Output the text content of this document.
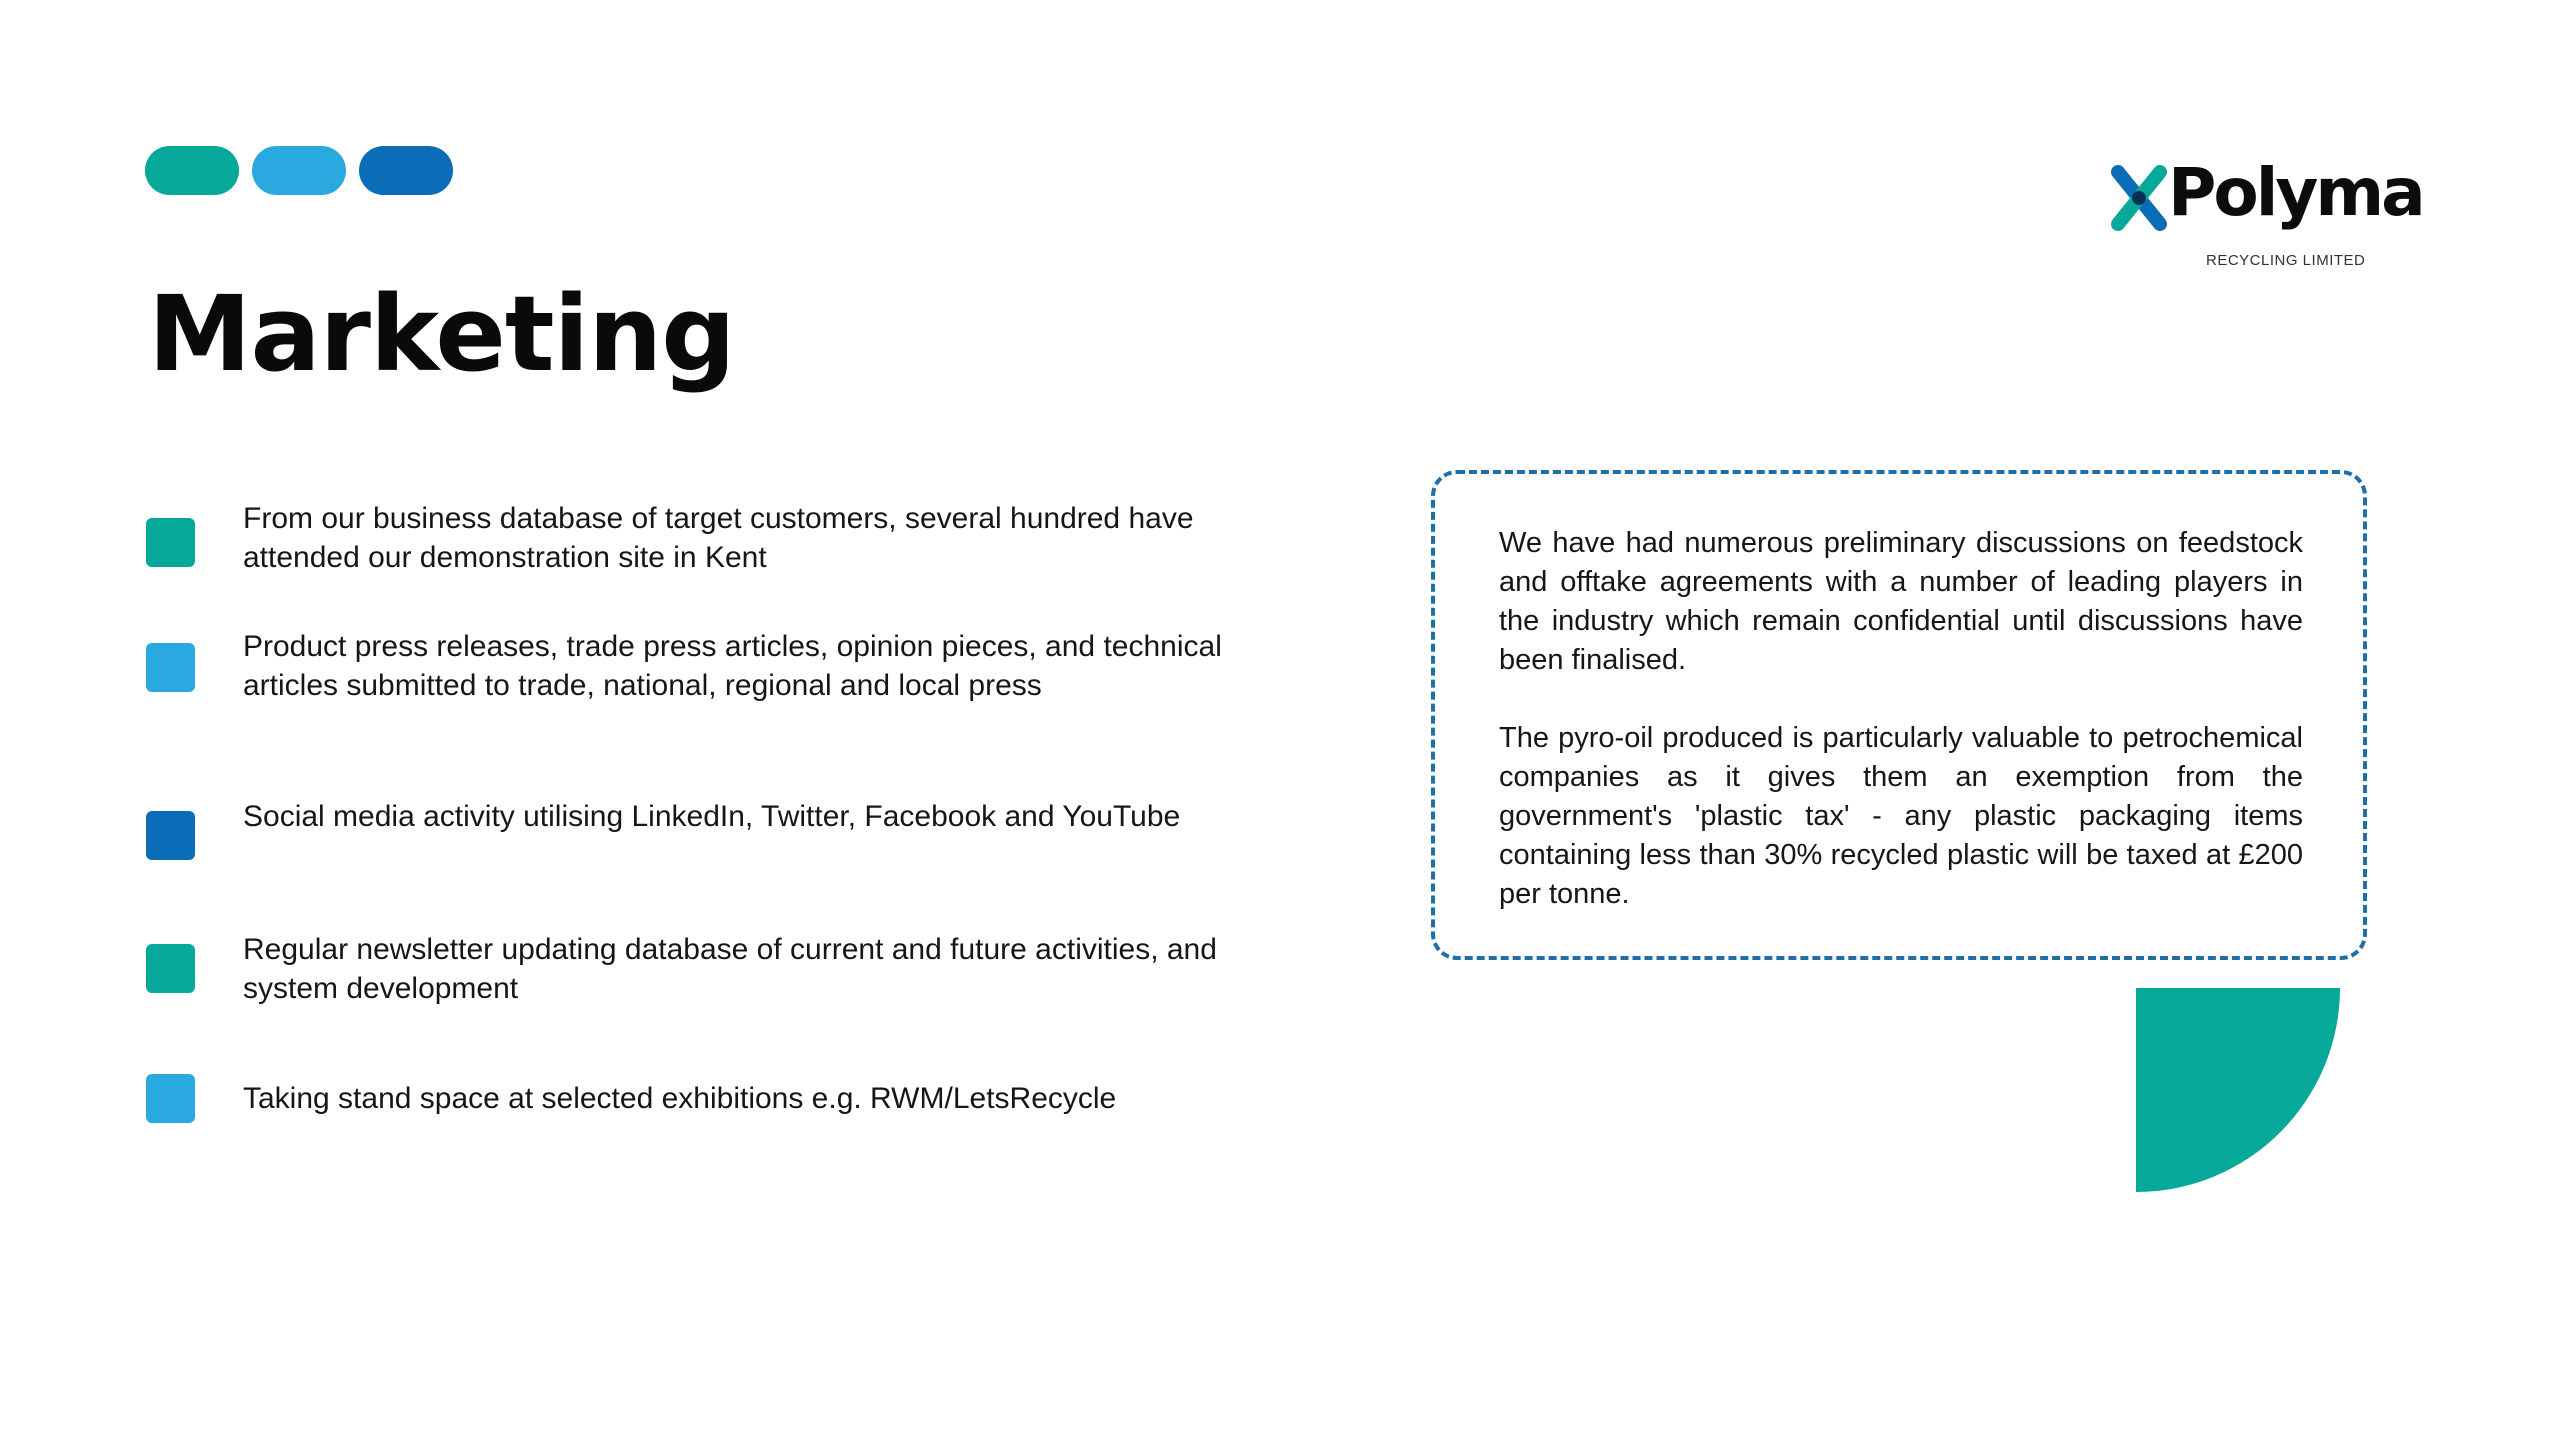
Marketing
Polyma
RECYCLING LIMITED
From our business database of target customers, several hundred have attended our demonstration site in Kent
Product press releases, trade press articles, opinion pieces, and technical articles submitted to trade, national, regional and local press
Social media activity utilising LinkedIn, Twitter, Facebook and YouTube
Regular newsletter updating database of current and future activities, and system development
Taking stand space at selected exhibitions e.g. RWM/LetsRecycle

We have had numerous preliminary discussions on feedstock and offtake agreements with a number of leading players in the industry which remain confidential until discussions have been finalised.

The pyro-oil produced is particularly valuable to petrochemical companies as it gives them an exemption from the government's 'plastic tax' - any plastic packaging items containing less than 30% recycled plastic will be taxed at £200 per tonne.
